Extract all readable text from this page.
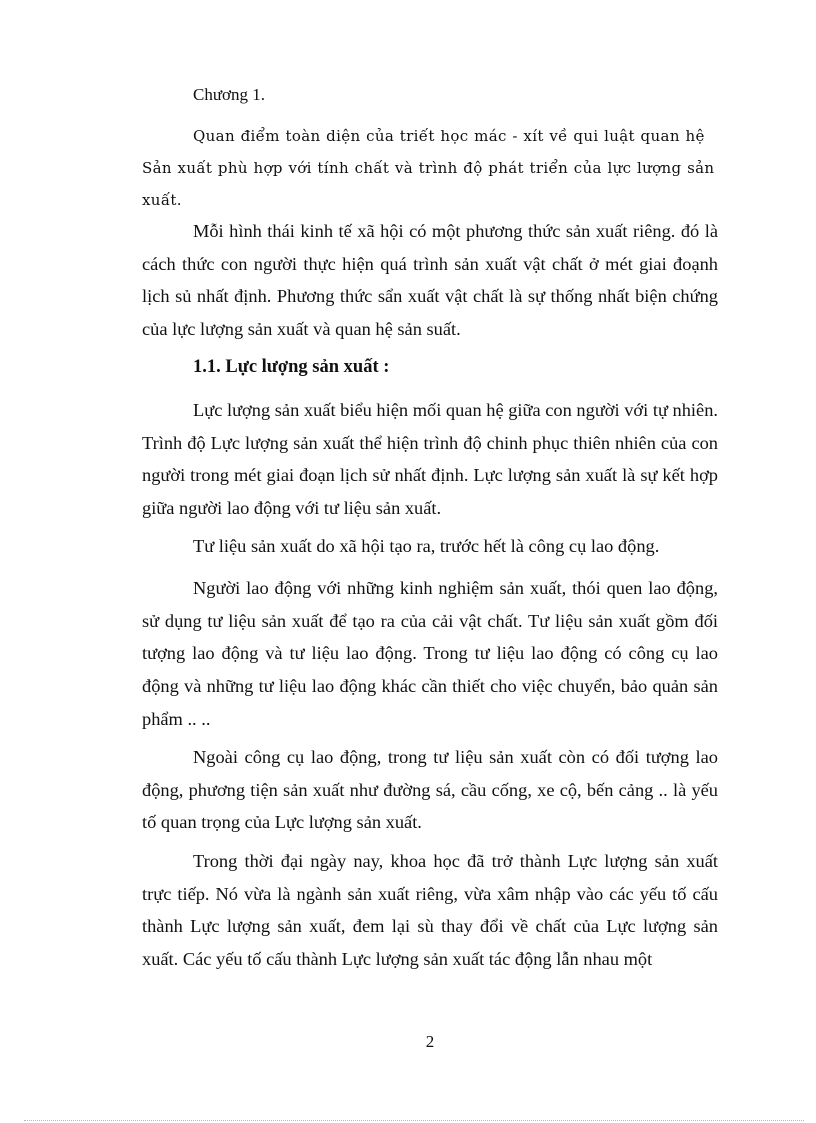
Chương 1.
Quan điểm toàn diện của triết học mác - xít về qui luật quan hệ Sản xuất phù hợp với tính chất và trình độ phát triển của lực lượng sản xuất.
Mỗi hình thái kinh tế xã hội có một phương thức sản xuất riêng. đó là cách thức con người thực hiện quá trình sản xuất vật chất ở mét giai đoạnh lịch sủ nhất định. Phương thức sẩn xuất vật chất là sự thống nhất biện chứng của lực lượng sản xuất và quan hệ sản suất.
1.1. Lực lượng sản xuất :
Lực lượng sản xuất biểu hiện mối quan hệ giữa con người với tự nhiên. Trình độ Lực lượng sản xuất thể hiện trình độ chinh phục thiên nhiên của con người trong mét giai đoạn lịch sử nhất định. Lực lượng sản xuất là sự kết hợp giữa người lao động với tư liệu sản xuất.
Tư liệu sản xuất do xã hội tạo ra, trước hết là công cụ lao động.
Người lao động với những kinh nghiệm sản xuất, thói quen lao động, sử dụng tư liệu sản xuất để tạo ra của cải vật chất. Tư liệu sản xuất gồm đối tượng lao động và tư liệu lao động. Trong tư liệu lao động có công cụ lao động và những tư liệu lao động khác cần thiết cho việc chuyển, bảo quản sản phẩm .. ..
Ngoài công cụ lao động, trong tư liệu sản xuất còn có đối tượng lao động, phương tiện sản xuất như đường sá, cầu cống, xe cộ, bến cảng .. là yếu tố quan trọng của Lực lượng sản xuất.
Trong thời đại ngày nay, khoa học đã trở thành Lực lượng sản xuất trực tiếp. Nó vừa là ngành sản xuất riêng, vừa xâm nhập vào các yếu tố cấu thành Lực lượng sản xuất, đem lại sù thay đổi về chất của Lực lượng sản xuất. Các yếu tố cấu thành Lực lượng sản xuất tác động lẫn nhau một
2
